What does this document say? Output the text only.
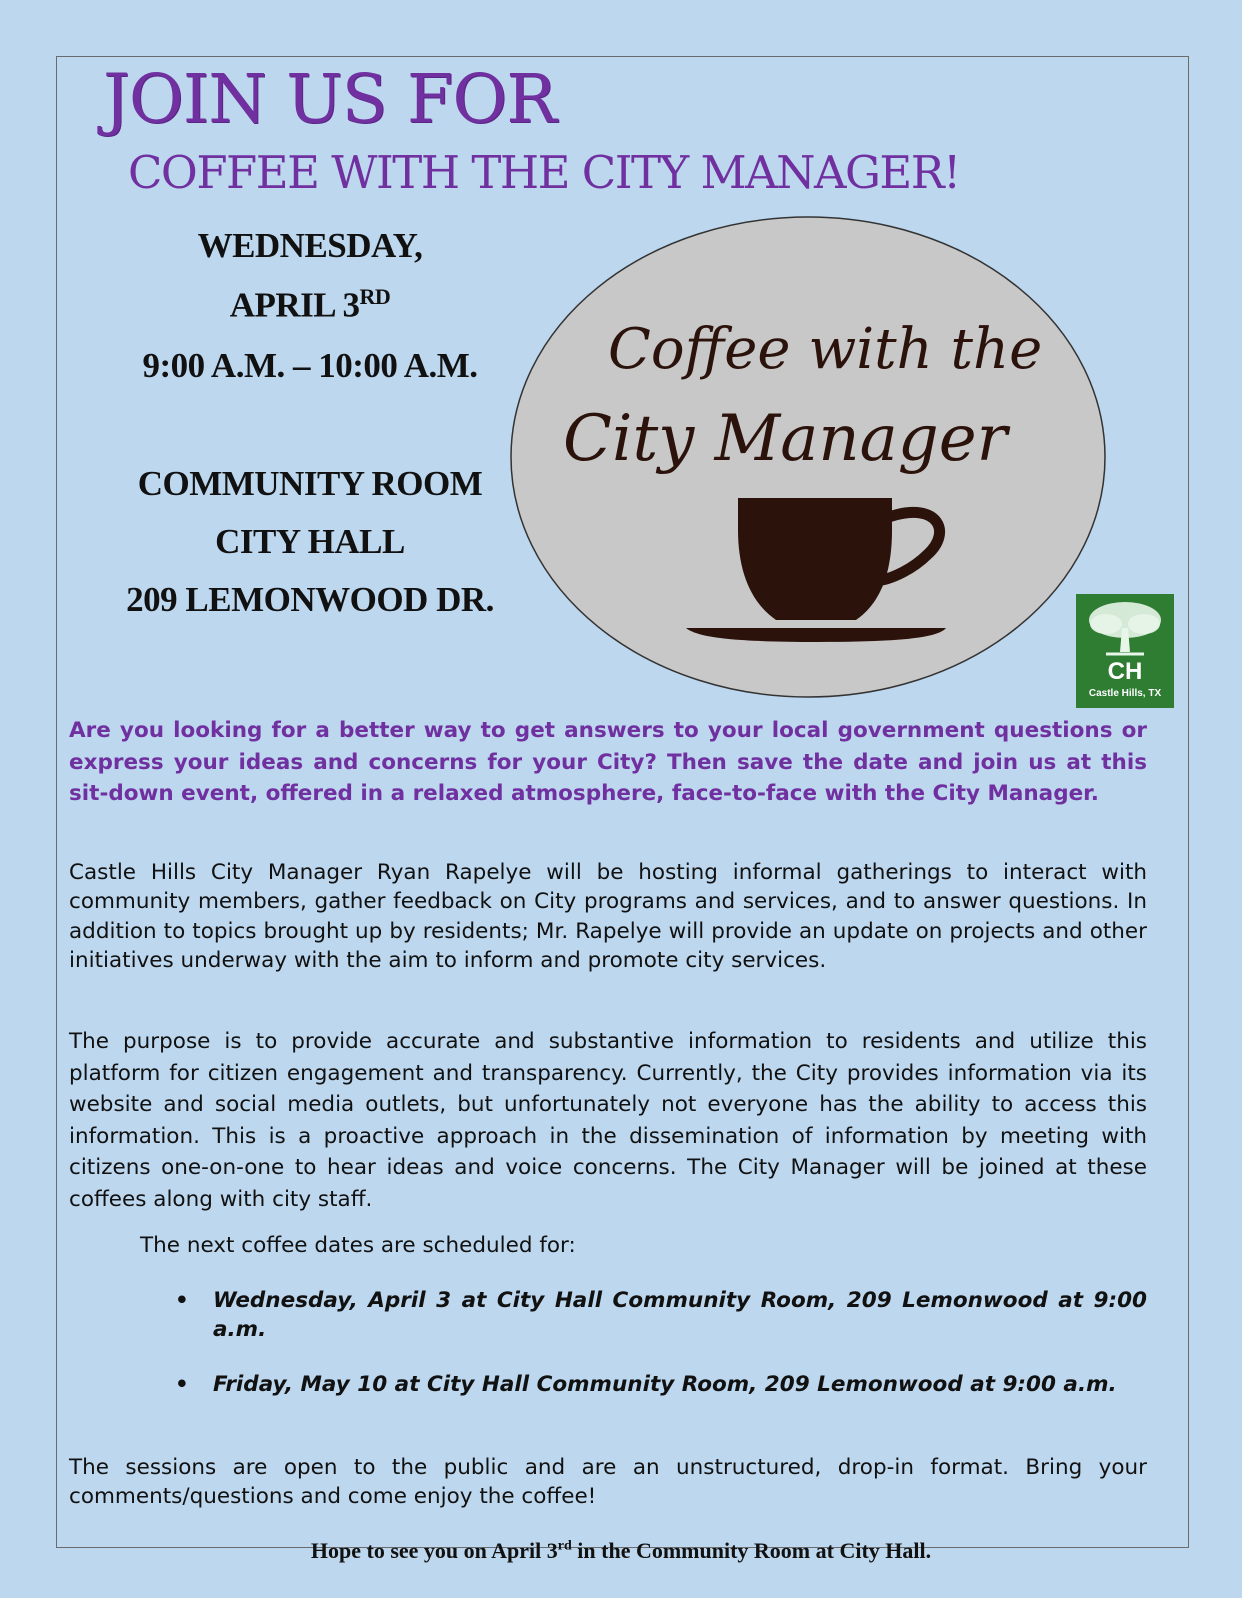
JOIN US FOR
COFFEE WITH THE CITY MANAGER!
WEDNESDAY,
APRIL 3RD
9:00 A.M. – 10:00 A.M.
COMMUNITY ROOM
CITY HALL
209 LEMONWOOD DR.
Coffee with the
City Manager
CH
Castle Hills, TX
Are you looking for a better way to get answers to your local government questions or express your ideas and concerns for your City? Then save the date and join us at this sit-down event, offered in a relaxed atmosphere, face-to-face with the City Manager.
Castle Hills City Manager Ryan Rapelye will be hosting informal gatherings to interact with community members, gather feedback on City programs and services, and to answer questions. In addition to topics brought up by residents; Mr. Rapelye will provide an update on projects and other initiatives underway with the aim to inform and promote city services.
The purpose is to provide accurate and substantive information to residents and utilize this platform for citizen engagement and transparency. Currently, the City provides information via its website and social media outlets, but unfortunately not everyone has the ability to access this information. This is a proactive approach in the dissemination of information by meeting with citizens one-on-one to hear ideas and voice concerns. The City Manager will be joined at these coffees along with city staff.
The next coffee dates are scheduled for:
• Wednesday, April 3 at City Hall Community Room, 209 Lemonwood at 9:00 a.m.
• Friday, May 10 at City Hall Community Room, 209 Lemonwood at 9:00 a.m.
The sessions are open to the public and are an unstructured, drop-in format. Bring your comments/questions and come enjoy the coffee!
Hope to see you on April 3rd in the Community Room at City Hall.
